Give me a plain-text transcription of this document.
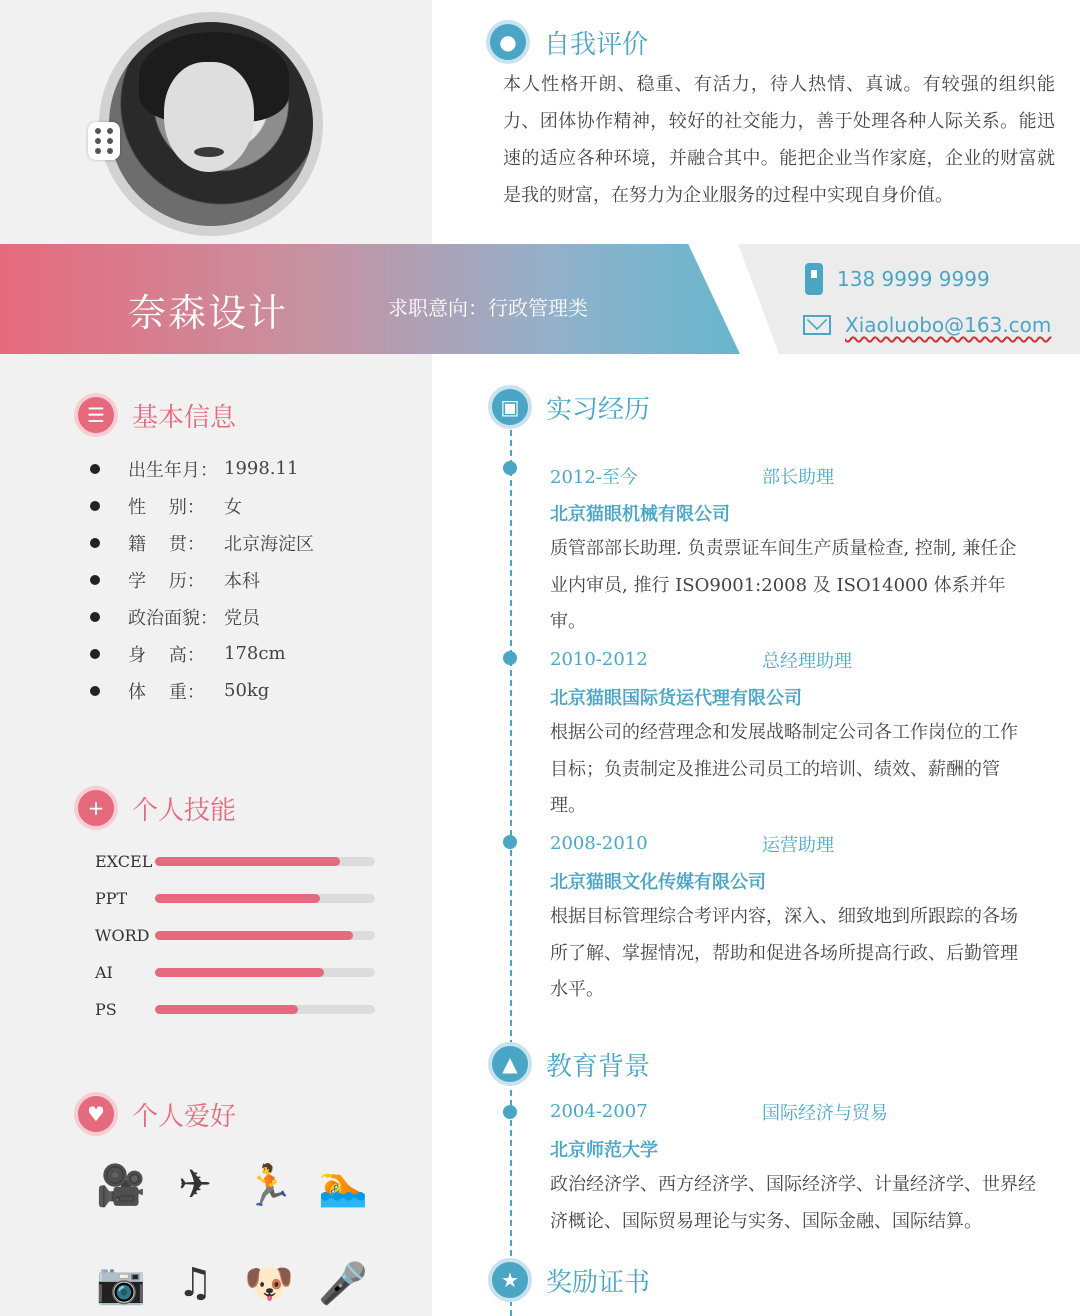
●	自我评价
本人性格开朗、稳重、有活力，待人热情、真诚。有较强的组织能力、团体协作精神，较好的社交能力，善于处理各种人际关系。能迅速的适应各种环境，并融合其中。能把企业当作家庭，企业的财富就是我的财富，在努力为企业服务的过程中实现自身价值。
奈森设计	求职意向：行政管理类
138 9999 9999
Xiaoluobo@163.com
☰	基本信息
出生年月： 1998.11
性    别：	女
籍    贯：	北京海淀区
学    历：	本科
政治面貌： 党员
身    高：	178cm
体    重：	50kg
+	个人技能
EXCEL
PPT
WORD
AI
PS
♥	个人爱好
🎥 ✈ 🏃 🏊
📷 ♫ 🐶 🎤
▣	实习经历
2012-至今	部长助理
北京猫眼机械有限公司
质管部部长助理. 负责票证车间生产质量检查, 控制, 兼任企业内审员, 推行 ISO9001:2008 及 ISO14000 体系并年审。
2010-2012	总经理助理
北京猫眼国际货运代理有限公司
根据公司的经营理念和发展战略制定公司各工作岗位的工作目标；负责制定及推进公司员工的培训、绩效、薪酬的管理。
2008-2010	运营助理
北京猫眼文化传媒有限公司
根据目标管理综合考评内容，深入、细致地到所跟踪的各场所了解、掌握情况，帮助和促进各场所提高行政、后勤管理水平。
▲	教育背景
2004-2007	国际经济与贸易
北京师范大学
政治经济学、西方经济学、国际经济学、计量经济学、世界经济概论、国际贸易理论与实务、国际金融、国际结算。
★	奖励证书
